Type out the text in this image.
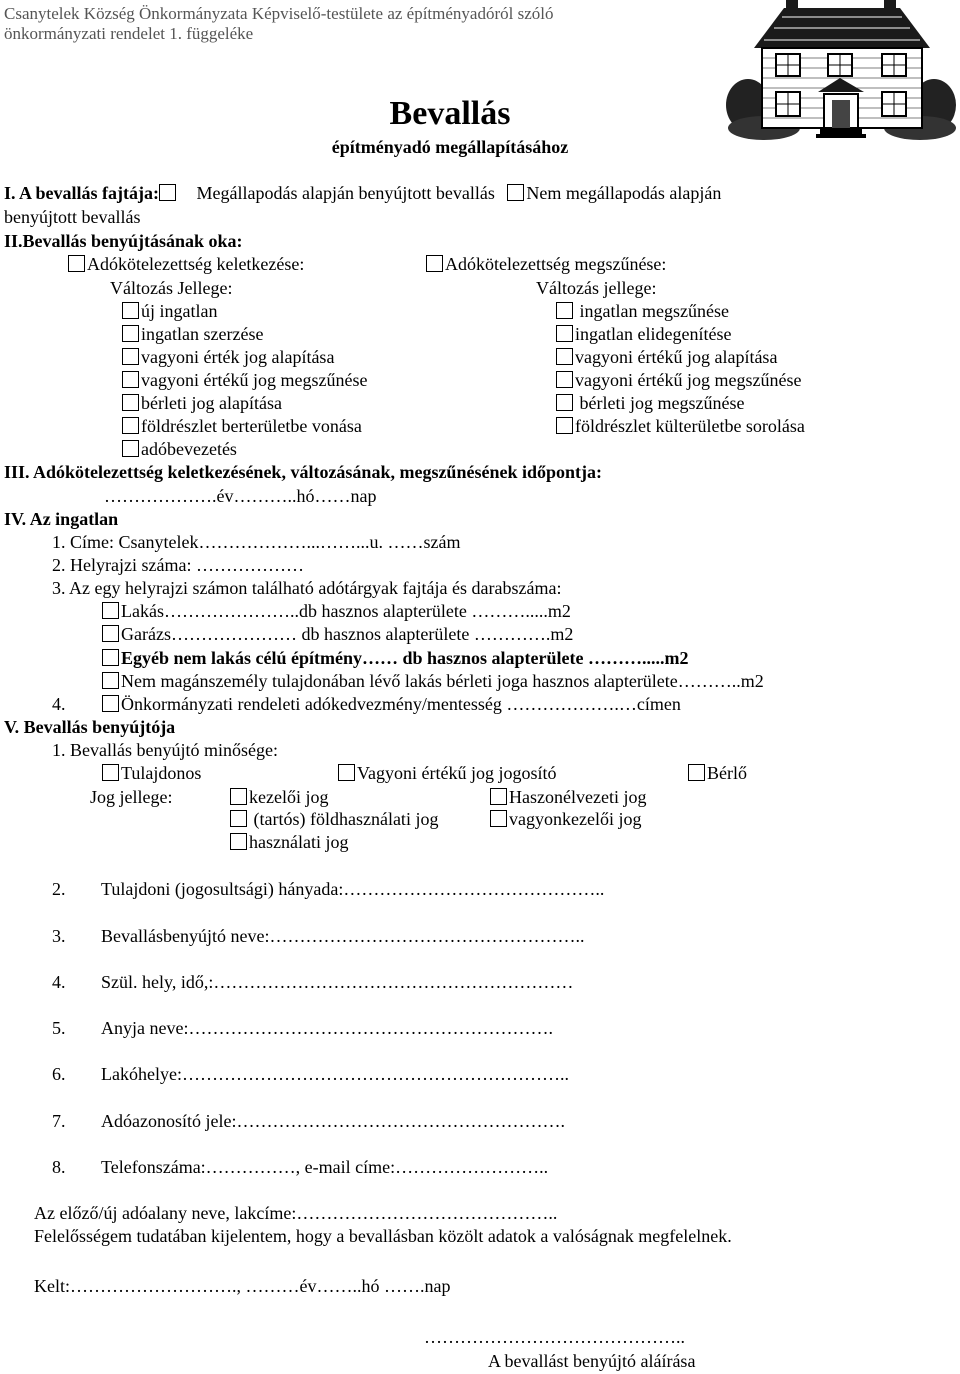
Csanytelek Község Önkormányzata Képviselő-testülete az építményadóról szóló
önkormányzati rendelet 1. függeléke
Bevallás
építményadó megállapításához
I. A bevallás fajtája: Megállapodás alapján benyújtott bevallás Nem megállapodás alapján
benyújtott bevallás
II.Bevallás benyújtásának oka:
Adókötelezettség keletkezése:	Adókötelezettség megszűnése:
Változás Jellege:	Változás jellege:
új ingatlan
ingatlan szerzése
vagyoni érték jog alapítása
vagyoni értékű jog megszűnése
bérleti jog alapítása
földrészlet berterületbe vonása
adóbevezetés
ingatlan megszűnése
ingatlan elidegenítése
vagyoni értékű jog alapítása
vagyoni értékű jog megszűnése
bérleti jog megszűnése
földrészlet külterületbe sorolása
III. Adókötelezettség keletkezésének, változásának, megszűnésének időpontja:
……………….év………..hó……nap
IV. Az ingatlan
1. Címe: Csanytelek………………...……...u. ……szám
2. Helyrajzi száma: ………………
3. Az egy helyrajzi számon található adótárgyak fajtája és darabszáma:
Lakás…………………..db hasznos alapterülete ……….....m2
Garázs………………… db hasznos alapterülete ………….m2
Egyéb nem lakás célú építmény…… db hasznos alapterülete ……….....m2
Nem magánszemély tulajdonában lévő lakás bérleti joga hasznos alapterülete………..m2
4.	Önkormányzati rendeleti adókedvezmény/mentesség ……………….…címen
V. Bevallás benyújtója
1. Bevallás benyújtó minősége:
Tulajdonos	Vagyoni értékű jog jogosító	Bérlő
Jog jellege:	kezelői jog	Haszonélvezeti jog
(tartós) földhasználati jog	vagyonkezelői jog
használati jog
2. Tulajdoni (jogosultsági) hányada:……………………………………..
3. Bevallásbenyújtó neve:……………………………………………..
4. Szül. hely, idő,:……………………………………………………
5. Anyja neve:…………………………………………………….
6. Lakóhelye:………………………………………………………..
7. Adóazonosító jele:……………………………………………….
8. Telefonszáma:……………, e-mail címe:……………………..
Az előző/új adóalany neve, lakcíme:……………………………………..
Felelősségem tudatában kijelentem, hogy a bevallásban közölt adatok a valóságnak megfelelnek.
Kelt:………………………., ………év……..hó …….nap
……………………………………..
A bevallást benyújtó aláírása
